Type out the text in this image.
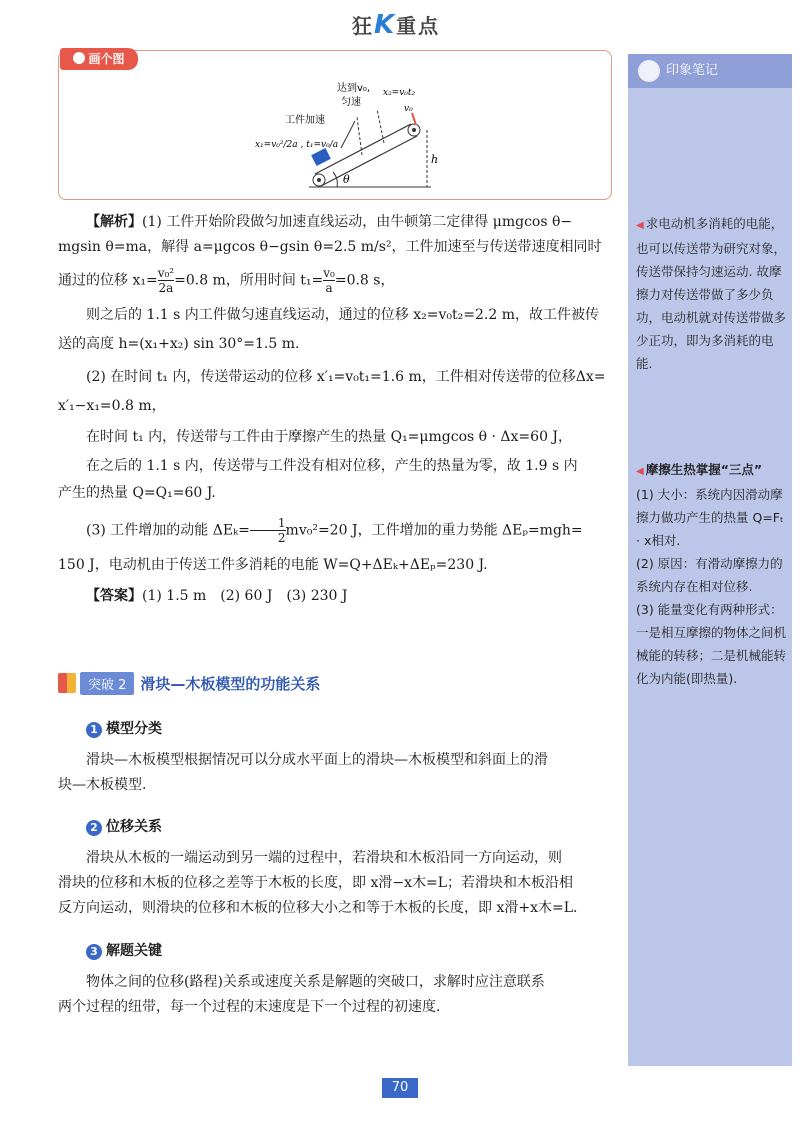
狂K重点
θ
h
v₀
工件加速
达到v₀,
匀速
x₂=v₀t₂
x₁=v₀²/2a , t₁=v₀/a
画个图

【解析】(1) 工件开始阶段做匀加速直线运动，由牛顿第二定律得 μmgcos θ−

mgsin θ=ma，解得 a=μgcos θ−gsin θ=2.5 m/s²，工件加速至与传送带速度相同时

通过的位移 $x_1= \frac{\text{v₀²}}{2a} =0.8$ m，所用时间 $t_1= \frac{\text{v₀}}{a} =0.8$ s，

则之后的 1.1 s 内工件做匀速直线运动，通过的位移 x₂=v₀t₂=2.2 m，故工件被传

送的高度 h=(x₁+x₂) sin 30°=1.5 m.

(2) 在时间 t₁ 内，传送带运动的位移 x′₁=v₀t₁=1.6 m，工件相对传送带的位移Δx=

x′₁−x₁=0.8 m，

在时间 t₁ 内，传送带与工件由于摩擦产生的热量 Q₁=μmgcos θ · Δx=60 J，

在之后的 1.1 s 内，传送带与工件没有相对位移，产生的热量为零，故 1.9 s 内

产生的热量 Q=Q₁=60 J.

(3) 工件增加的动能 $\Delta E_k= \frac{1}{2} mv_0^2=20$ J，工件增加的重力势能 ΔEₚ=mgh=

150 J，电动机由于传送工件多消耗的电能 W=Q+ΔEₖ+ΔEₚ=230 J.

【答案】(1) 1.5 m　(2) 60 J　(3) 230 J

突破 2 滑块—木板模型的功能关系
1 模型分类

滑块—木板模型根据情况可以分成水平面上的滑块—木板模型和斜面上的滑

块—木板模型.

2 位移关系

滑块从木板的一端运动到另一端的过程中，若滑块和木板沿同一方向运动，则

滑块的位移和木板的位移之差等于木板的长度，即 x滑−x木=L；若滑块和木板沿相

反方向运动，则滑块的位移和木板的位移大小之和等于木板的长度，即 x滑+x木=L.

3 解题关键

物体之间的位移(路程)关系或速度关系是解题的突破口，求解时应注意联系

两个过程的纽带，每一个过程的末速度是下一个过程的初速度.

印象笔记
◀ 求电动机多消耗的电能，也可以传送带为研究对象，传送带保持匀速运动. 故摩擦力对传送带做了多少负功，电动机就对传送带做多少正功，即为多消耗的电能.
◀ 摩擦生热掌握“三点”
(1) 大小：系统内因滑动摩擦力做功产生的热量 Q=Fₜ · x相对.
(2) 原因：有滑动摩擦力的系统内存在相对位移.
(3) 能量变化有两种形式：一是相互摩擦的物体之间机械能的转移；二是机械能转化为内能(即热量).
70
